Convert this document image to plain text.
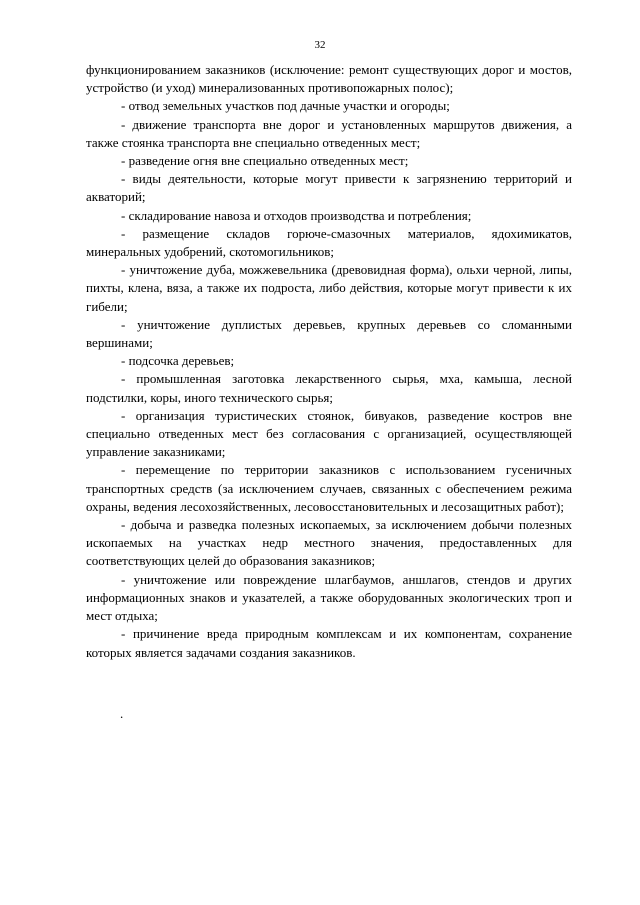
32

функционированием заказников (исключение: ремонт существующих дорог и мостов, устройство (и уход) минерализованных противопожарных полос);

- отвод земельных участков под дачные участки и огороды;

- движение транспорта вне дорог и установленных маршрутов движения, а также стоянка транспорта вне специально отведенных мест;

- разведение огня вне специально отведенных мест;

- виды деятельности, которые могут привести к загрязнению территорий и акваторий;

- складирование навоза и отходов производства и потребления;

- размещение складов горюче-смазочных материалов, ядохимикатов, минеральных удобрений, скотомогильников;

- уничтожение дуба, можжевельника (древовидная форма), ольхи черной, липы, пихты, клена, вяза, а также их подроста, либо действия, которые могут привести к их гибели;

- уничтожение дуплистых деревьев, крупных деревьев со сломанными вершинами;

- подсочка деревьев;

- промышленная заготовка лекарственного сырья, мха, камыша, лесной подстилки, коры, иного технического сырья;

- организация туристических стоянок, бивуаков, разведение костров вне специально отведенных мест без согласования с организацией, осуществляющей управление заказниками;

- перемещение по территории заказников с использованием гусеничных транспортных средств (за исключением случаев, связанных с обеспечением режима охраны, ведения лесохозяйственных, лесовосстановительных и лесозащитных работ);

- добыча и разведка полезных ископаемых, за исключением добычи полезных ископаемых на участках недр местного значения, предоставленных для соответствующих целей до образования заказников;

- уничтожение или повреждение шлагбаумов, аншлагов, стендов и других информационных знаков и указателей, а также оборудованных экологических троп и мест отдыха;

- причинение вреда природным комплексам и их компонентам, сохранение которых является задачами создания заказников.

.
